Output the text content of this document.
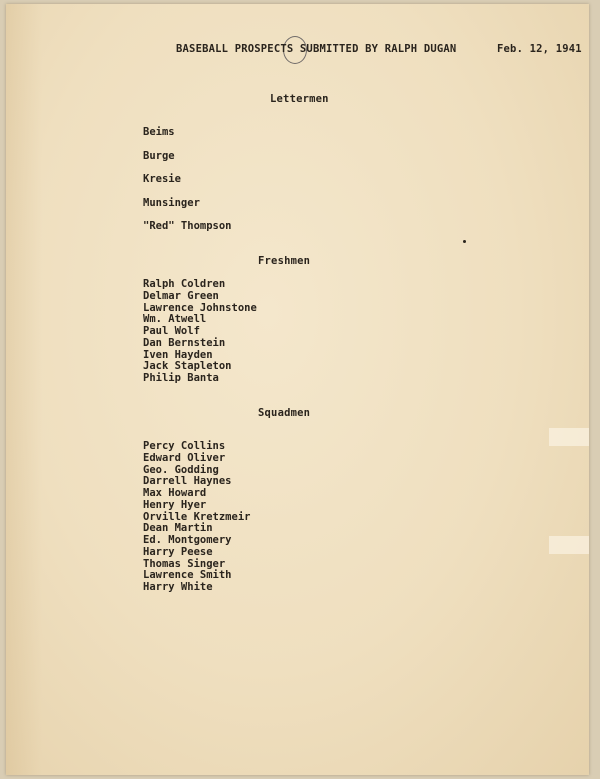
BASEBALL PROSPECTS SUBMITTED BY RALPH DUGAN	Feb. 12, 1941
Lettermen
Beims
Burge
Kresie
Munsinger
"Red" Thompson
Freshmen
Ralph Coldren
Delmar Green
Lawrence Johnstone
Wm. Atwell
Paul Wolf
Dan Bernstein
Iven Hayden
Jack Stapleton
Philip Banta
Squadmen
Percy Collins
Edward Oliver
Geo. Godding
Darrell Haynes
Max Howard
Henry Hyer
Orville Kretzmeir
Dean Martin
Ed. Montgomery
Harry Peese
Thomas Singer
Lawrence Smith
Harry White
